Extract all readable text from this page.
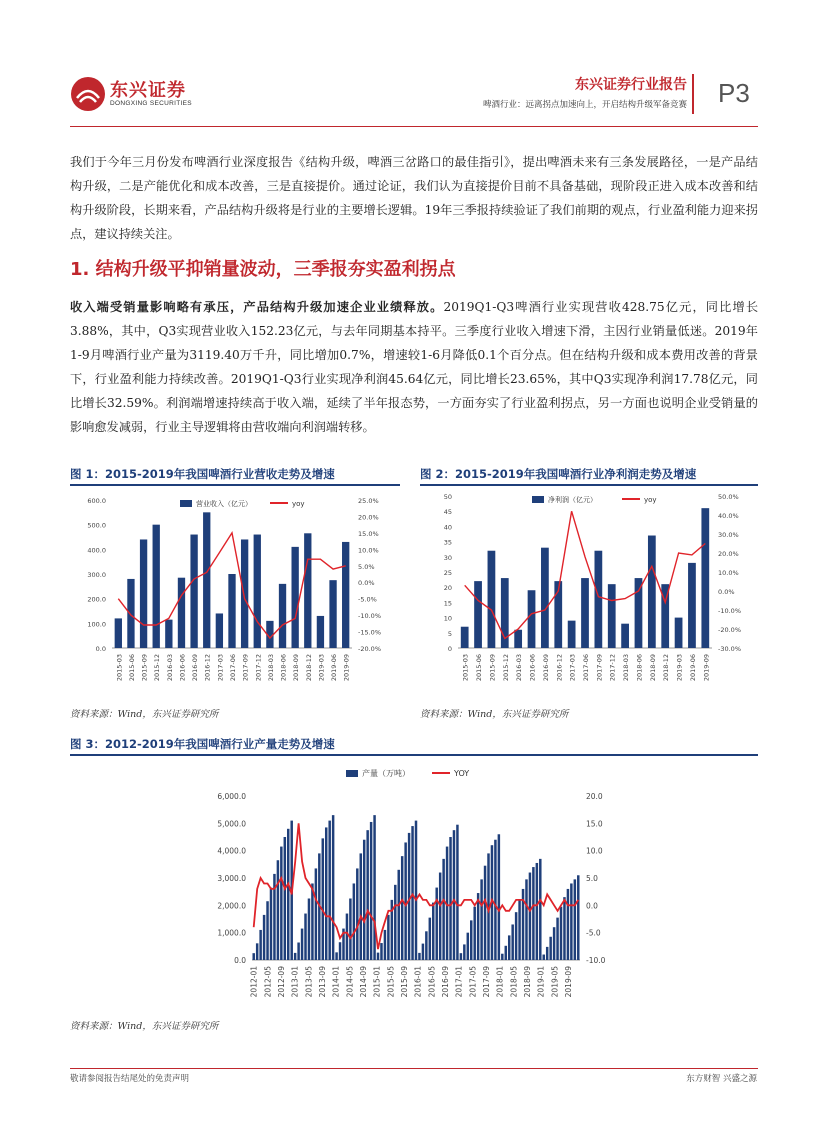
东兴证券
DONGXING SECURITIES
东兴证券行业报告
啤酒行业：远离拐点加速向上，开启结构升级军备竞赛 P3
我们于今年三月份发布啤酒行业深度报告《结构升级，啤酒三岔路口的最佳指引》，提出啤酒未来有三条发展路径，一是产品结构升级，二是产能优化和成本改善，三是直接提价。通过论证，我们认为直接提价目前不具备基础，现阶段正进入成本改善和结构升级阶段，长期来看，产品结构升级将是行业的主要增长逻辑。19年三季报持续验证了我们前期的观点，行业盈利能力迎来拐点，建议持续关注。
1. 结构升级平抑销量波动，三季报夯实盈利拐点
收入端受销量影响略有承压，产品结构升级加速企业业绩释放。2019Q1-Q3啤酒行业实现营收428.75亿元，同比增长3.88%，其中，Q3实现营业收入152.23亿元，与去年同期基本持平。三季度行业收入增速下滑，主因行业销量低迷。2019年1-9月啤酒行业产量为3119.40万千升，同比增加0.7%，增速较1-6月降低0.1个百分点。但在结构升级和成本费用改善的背景下，行业盈利能力持续改善。2019Q1-Q3行业实现净利润45.64亿元，同比增长23.65%，其中Q3实现净利润17.78亿元，同比增长32.59%。利润端增速持续高于收入端，延续了半年报态势，一方面夯实了行业盈利拐点，另一方面也说明企业受销量的影响愈发减弱，行业主导逻辑将由营收端向利润端转移。
图 1：2015-2019年我国啤酒行业营收走势及增速
0.0
100.0
200.0
300.0
400.0
500.0
600.0
-20.0%
-15.0%
-10.0%
-5.0%
0.0%
5.0%
10.0%
15.0%
20.0%
25.0%
2015-03 2015-06 2015-09 2015-12 2016-03 2016-06 2016-09 2016-12 2017-03 2017-06 2017-09 2017-12 2018-03 2018-06 2018-09 2018-12 2019-03 2019-06 2019-09
营业收入（亿元）	yoy
资料来源：Wind，东兴证券研究所
图 2：2015-2019年我国啤酒行业净利润走势及增速
0
5
10
15
20
25
30
35
40
45
50
-30.0%
-20.0%
-10.0%
0.0%
10.0%
20.0%
30.0%
40.0%
50.0%
2015-03 2015-06 2015-09 2015-12 2016-03 2016-06 2016-09 2016-12 2017-03 2017-06 2017-09 2017-12 2018-03 2018-06 2018-09 2018-12 2019-03 2019-06 2019-09
净利润（亿元）	yoy
资料来源：Wind，东兴证券研究所
图 3：2012-2019年我国啤酒行业产量走势及增速
0.0
1,000.0
2,000.0
3,000.0
4,000.0
5,000.0
6,000.0
-10.0
-5.0
0.0
5.0
10.0
15.0
20.0
2012-01 2012-05 2012-09 2013-01 2013-05 2013-09 2014-01 2014-05 2014-09 2015-01 2015-05 2015-09 2016-01 2016-05 2016-09 2017-01 2017-05 2017-09 2018-01 2018-05 2018-09 2019-01 2019-05 2019-09
产量（万吨）	YOY
资料来源：Wind，东兴证券研究所
敬请参阅报告结尾处的免责声明	东方财智 兴盛之源
